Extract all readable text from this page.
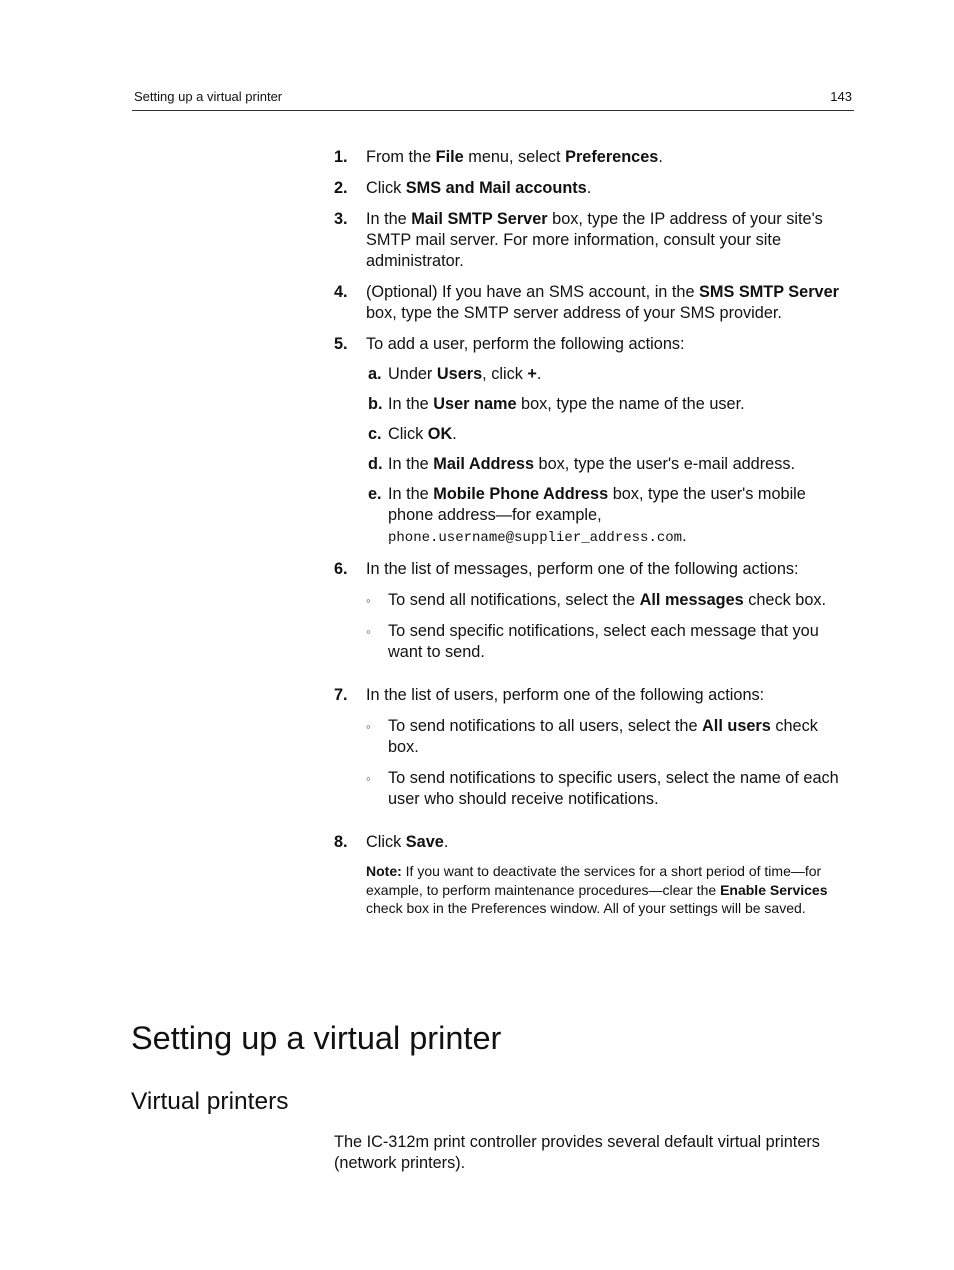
Setting up a virtual printer	143
1. From the File menu, select Preferences.
2. Click SMS and Mail accounts.
3. In the Mail SMTP Server box, type the IP address of your site's SMTP mail server. For more information, consult your site administrator.
4. (Optional) If you have an SMS account, in the SMS SMTP Server box, type the SMTP server address of your SMS provider.
5. To add a user, perform the following actions:
a. Under Users, click +.
b. In the User name box, type the name of the user.
c. Click OK.
d. In the Mail Address box, type the user's e-mail address.
e. In the Mobile Phone Address box, type the user's mobile phone address—for example, phone.username@supplier_address.com.
6. In the list of messages, perform one of the following actions:
◦ To send all notifications, select the All messages check box.
◦ To send specific notifications, select each message that you want to send.
7. In the list of users, perform one of the following actions:
◦ To send notifications to all users, select the All users check box.
◦ To send notifications to specific users, select the name of each user who should receive notifications.
8. Click Save.
Note: If you want to deactivate the services for a short period of time—for example, to perform maintenance procedures—clear the Enable Services check box in the Preferences window. All of your settings will be saved.
Setting up a virtual printer
Virtual printers

The IC-312m print controller provides several default virtual printers (network printers).
